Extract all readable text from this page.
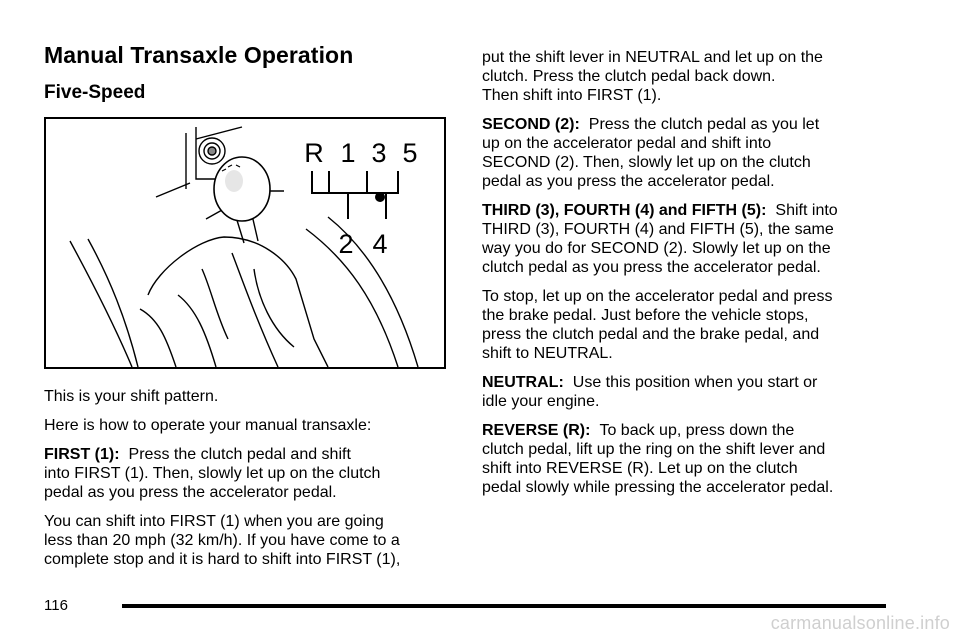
Manual Transaxle Operation
Five-Speed
R 1 3 5
2 4

This is your shift pattern.

Here is how to operate your manual transaxle:

FIRST (1): Press the clutch pedal and shift
into FIRST (1). Then, slowly let up on the clutch
pedal as you press the accelerator pedal.

You can shift into FIRST (1) when you are going
less than 20 mph (32 km/h). If you have come to a
complete stop and it is hard to shift into FIRST (1),

put the shift lever in NEUTRAL and let up on the
clutch. Press the clutch pedal back down.
Then shift into FIRST (1).

SECOND (2): Press the clutch pedal as you let
up on the accelerator pedal and shift into
SECOND (2). Then, slowly let up on the clutch
pedal as you press the accelerator pedal.

THIRD (3), FOURTH (4) and FIFTH (5): Shift into
THIRD (3), FOURTH (4) and FIFTH (5), the same
way you do for SECOND (2). Slowly let up on the
clutch pedal as you press the accelerator pedal.

To stop, let up on the accelerator pedal and press
the brake pedal. Just before the vehicle stops,
press the clutch pedal and the brake pedal, and
shift to NEUTRAL.

NEUTRAL: Use this position when you start or
idle your engine.

REVERSE (R): To back up, press down the
clutch pedal, lift up the ring on the shift lever and
shift into REVERSE (R). Let up on the clutch
pedal slowly while pressing the accelerator pedal.

116
carmanualsonline.info
